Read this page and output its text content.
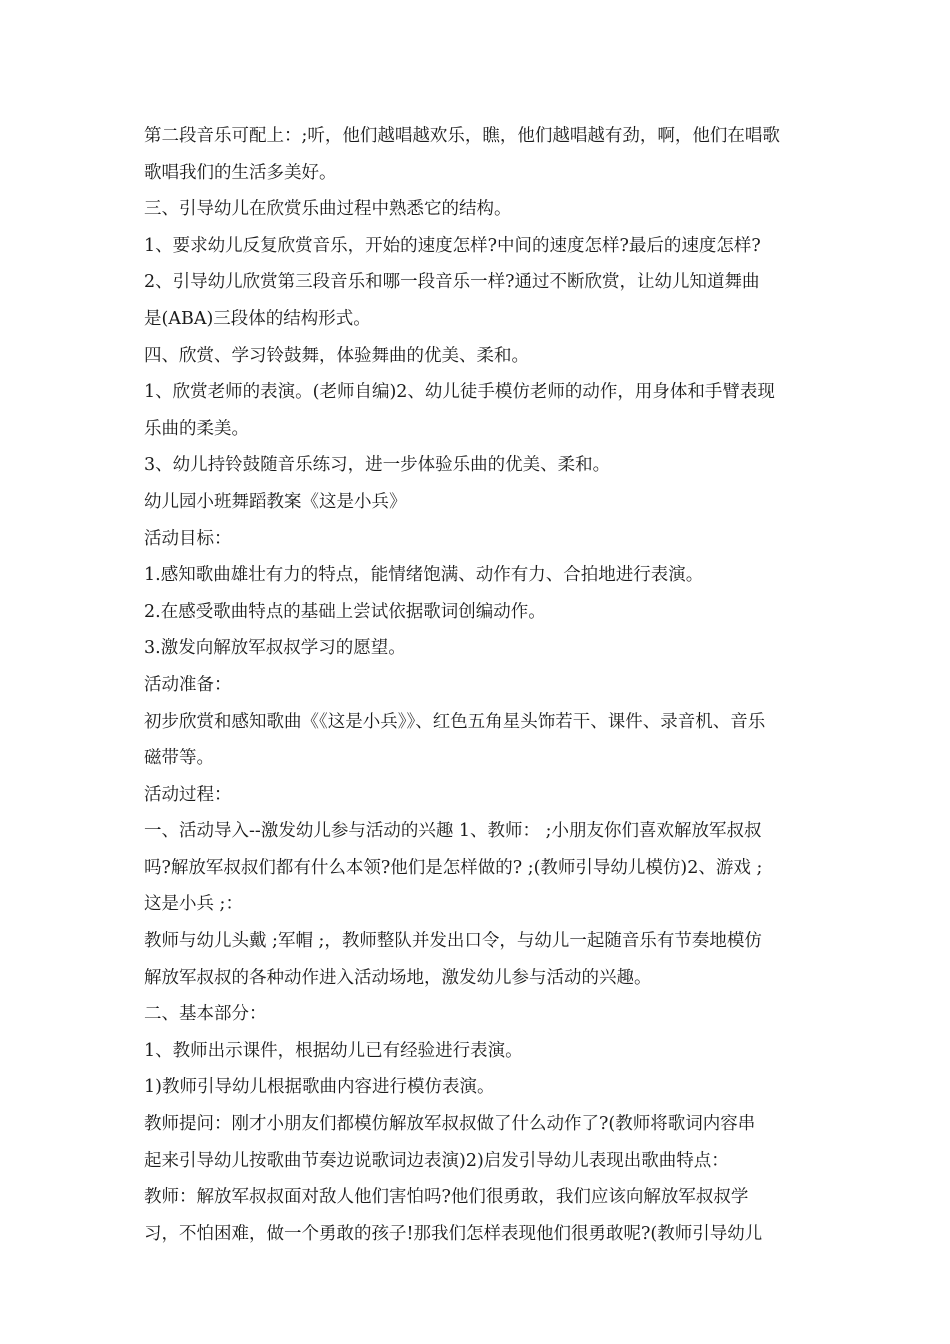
第二段音乐可配上：;听，他们越唱越欢乐，瞧，他们越唱越有劲，啊，他们在唱歌
歌唱我们的生活多美好。
三、引导幼儿在欣赏乐曲过程中熟悉它的结构。
1、要求幼儿反复欣赏音乐，开始的速度怎样?中间的速度怎样?最后的速度怎样?
2、引导幼儿欣赏第三段音乐和哪一段音乐一样?通过不断欣赏，让幼儿知道舞曲
是(ABA)三段体的结构形式。
四、欣赏、学习铃鼓舞，体验舞曲的优美、柔和。
1、欣赏老师的表演。(老师自编)2、幼儿徒手模仿老师的动作，用身体和手臂表现
乐曲的柔美。
3、幼儿持铃鼓随音乐练习，进一步体验乐曲的优美、柔和。
幼儿园小班舞蹈教案《这是小兵》
活动目标：
1.感知歌曲雄壮有力的特点，能情绪饱满、动作有力、合拍地进行表演。
2.在感受歌曲特点的基础上尝试依据歌词创编动作。
3.激发向解放军叔叔学习的愿望。
活动准备：
初步欣赏和感知歌曲《《这是小兵》》、红色五角星头饰若干、课件、录音机、音乐
磁带等。
活动过程：
一、活动导入--激发幼儿参与活动的兴趣 1、教师： ;小朋友你们喜欢解放军叔叔
吗?解放军叔叔们都有什么本领?他们是怎样做的? ;(教师引导幼儿模仿)2、游戏 ;
这是小兵 ;：
教师与幼儿头戴 ;军帽 ;，教师整队并发出口令，与幼儿一起随音乐有节奏地模仿
解放军叔叔的各种动作进入活动场地，激发幼儿参与活动的兴趣。
二、基本部分：
1、教师出示课件，根据幼儿已有经验进行表演。
1)教师引导幼儿根据歌曲内容进行模仿表演。
教师提问：刚才小朋友们都模仿解放军叔叔做了什么动作了?(教师将歌词内容串
起来引导幼儿按歌曲节奏边说歌词边表演)2)启发引导幼儿表现出歌曲特点：
教师：解放军叔叔面对敌人他们害怕吗?他们很勇敢，我们应该向解放军叔叔学
习，不怕困难，做一个勇敢的孩子!那我们怎样表现他们很勇敢呢?(教师引导幼儿
